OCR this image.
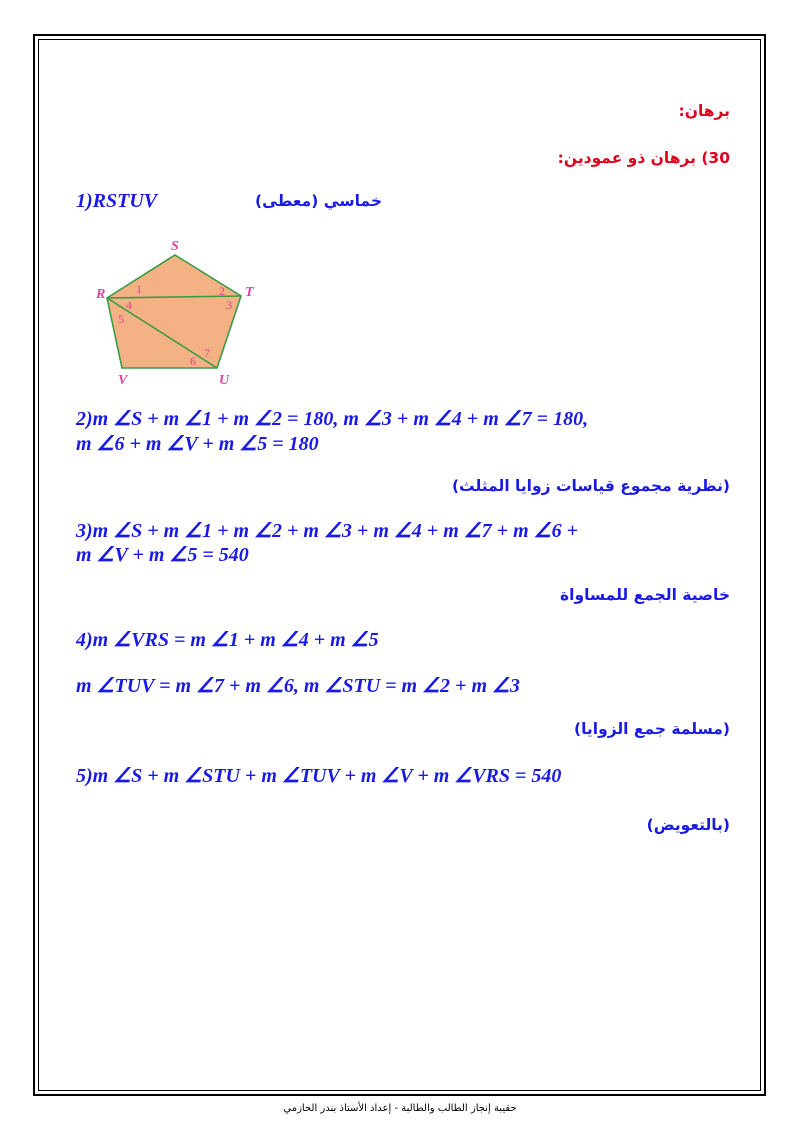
برهان:
30) برهان ذو عمودين:
1)RSTUV	خماسي (معطى)
S
T
U
V
R	1	2
3
4
5
6
7
2)m ∠S + m ∠1 + m ∠2 = 180, m ∠3 + m ∠4 + m ∠7 = 180,
m ∠6 + m ∠V + m ∠5 = 180
(نظرية مجموع قياسات زوايا المثلث)
3)m ∠S + m ∠1 + m ∠2 + m ∠3 + m ∠4 + m ∠7 + m ∠6 +
m ∠V + m ∠5 = 540
خاصية الجمع للمساواة
4)m ∠VRS = m ∠1 + m ∠4 + m ∠5
m ∠TUV = m ∠7 + m ∠6, m ∠STU = m ∠2 + m ∠3
(مسلمة جمع الزوايا)
5)m ∠S + m ∠STU + m ∠TUV + m ∠V + m ∠VRS = 540
(بالتعويض)
حقيبة إنجاز الطالب والطالبة - إعداد الأستاذ بندر الحازمي
